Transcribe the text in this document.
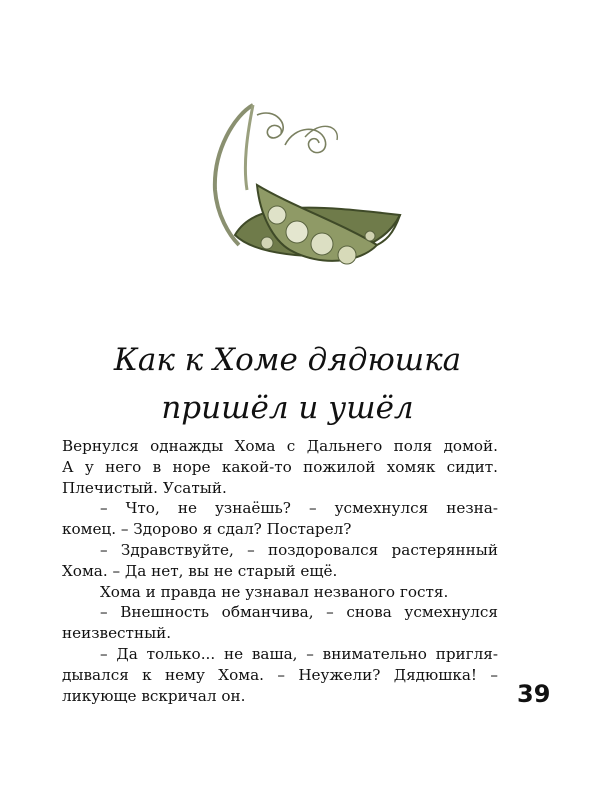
Как к Хоме дядюшка
пришёл и ушёл

Вернулся однажды Хома с Дальнего поля домой.

А у него в норе какой-то пожилой хомяк сидит.

Плечистый. Усатый.

– Что, не узнаёшь? – усмехнулся незна-

комец. – Здорово я сдал? Постарел?

– Здравствуйте, – поздоровался растерянный

Хома. – Да нет, вы не старый ещё.

Хома и правда не узнавал незваного гостя.

– Внешность обманчива, – снова усмехнулся

неизвестный.

– Да только... не ваша, – внимательно пригля-

дывался к нему Хома. – Неужели? Дядюшка! –

ликующе вскричал он.	39
